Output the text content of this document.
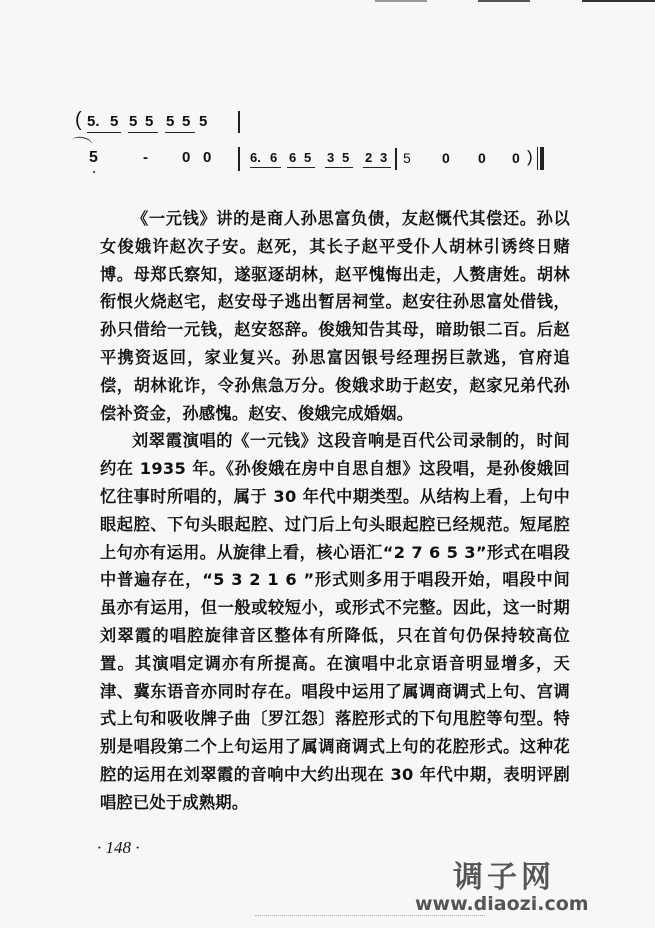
( 5. 5 5 5 5 5 5
5	- 0 0	6. 6 6 5 3 5 2 3 5 0 0 0 )

《一元钱》讲的是商人孙思富负债，友赵慨代其偿还。孙以女俊娥许赵次子安。赵死，其长子赵平受仆人胡林引诱终日赌博。母郑氏察知，遂驱逐胡林，赵平愧悔出走，人赘唐姓。胡林衔恨火烧赵宅，赵安母子逃出暂居祠堂。赵安往孙思富处借钱，孙只借给一元钱，赵安怒辞。俊娥知告其母，暗助银二百。后赵平携资返回，家业复兴。孙思富因银号经理拐巨款逃，官府追偿，胡林讹诈，令孙焦急万分。俊娥求助于赵安，赵家兄弟代孙偿补资金，孙感愧。赵安、俊娥完成婚姻。

刘翠霞演唱的《一元钱》这段音响是百代公司录制的，时间约在 1935 年。《孙俊娥在房中自思自想》这段唱，是孙俊娥回忆往事时所唱的，属于 30 年代中期类型。从结构上看，上句中眼起腔、下句头眼起腔、过门后上句头眼起腔已经规范。短尾腔上句亦有运用。从旋律上看，核心语汇“2 7 6 5 3”形式在唱段中普遍存在，“5 3 2 1 6 ”形式则多用于唱段开始，唱段中间虽亦有运用，但一般或较短小，或形式不完整。因此，这一时期刘翠霞的唱腔旋律音区整体有所降低，只在首句仍保持较高位置。其演唱定调亦有所提高。在演唱中北京语音明显增多，天津、冀东语音亦同时存在。唱段中运用了属调商调式上句、宫调式上句和吸收牌子曲〔罗江怨〕落腔形式的下句甩腔等句型。特别是唱段第二个上句运用了属调商调式上句的花腔形式。这种花腔的运用在刘翠霞的音响中大约出现在 30 年代中期，表明评剧唱腔已处于成熟期。

· 148 ·
调子网
www.diaozi.com
